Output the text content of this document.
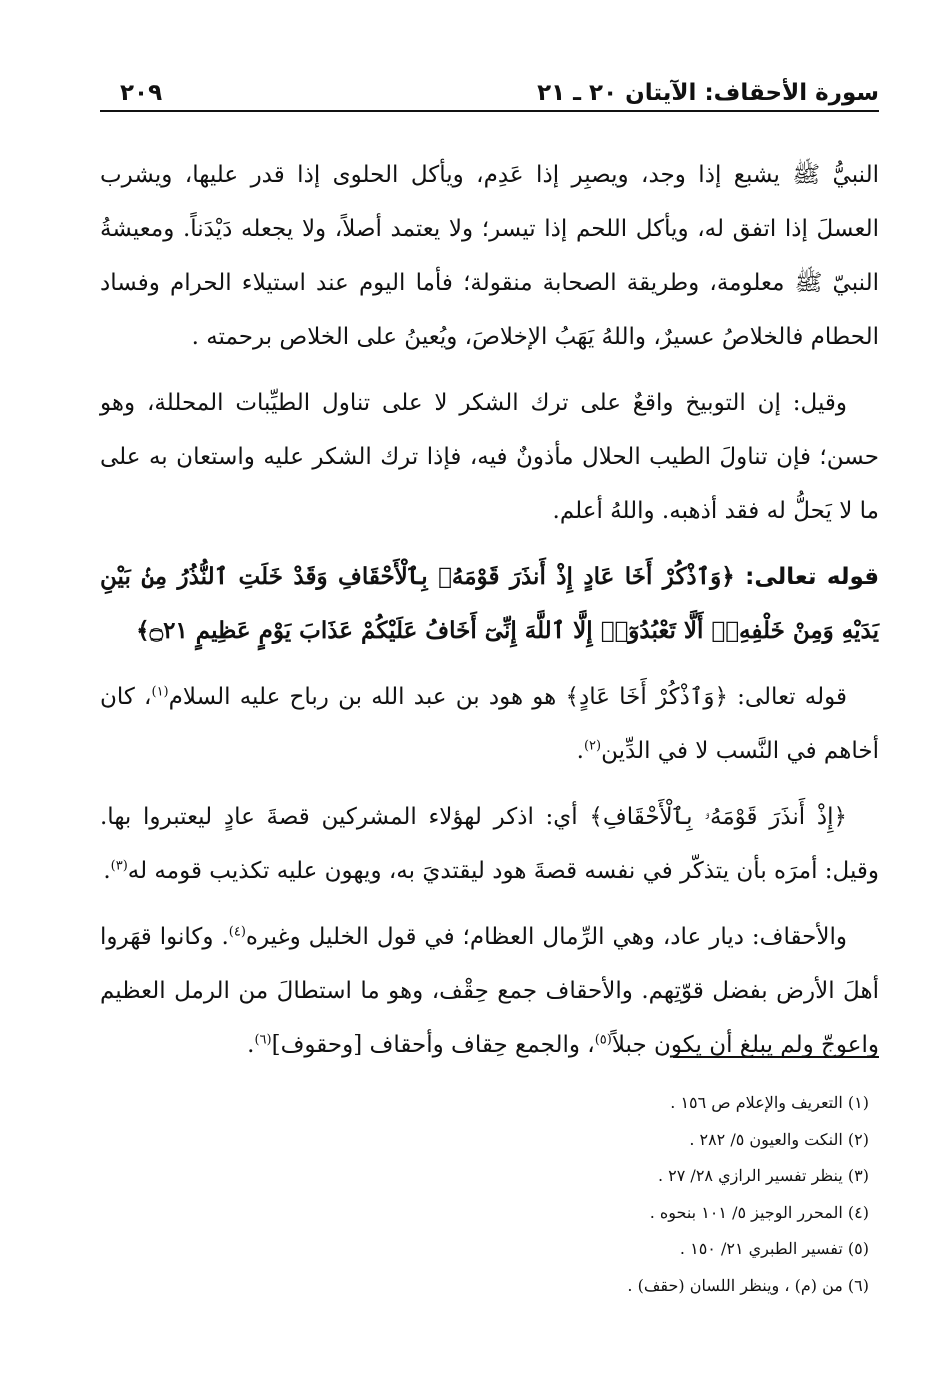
سورة الأحقاف: الآيتان ٢٠ ـ ٢١
٢٠٩

النبيُّ ﷺ يشبع إذا وجد، ويصبِر إذا عَدِم، ويأكل الحلوى إذا قدر عليها، ويشرب العسلَ إذا اتفق له، ويأكل اللحم إذا تيسر؛ ولا يعتمد أصلاً، ولا يجعله دَيْدَناً. ومعيشةُ النبيّ ﷺ معلومة، وطريقة الصحابة منقولة؛ فأما اليوم عند استيلاء الحرام وفساد الحطام فالخلاصُ عسيرٌ، واللهُ يَهَبُ الإخلاصَ، ويُعينُ على الخلاص برحمته .

وقيل: إن التوبيخ واقعٌ على ترك الشكر لا على تناول الطيِّبات المحللة، وهو حسن؛ فإن تناولَ الطيب الحلال مأذونٌ فيه، فإذا ترك الشكر عليه واستعان به على ما لا يَحلُّ له فقد أذهبه. واللهُ أعلم.

قوله تعالى: ﴿وَٱذْكُرْ أَخَا عَادٍ إِذْ أَنذَرَ قَوْمَهُۥ بِٱلْأَحْقَافِ وَقَدْ خَلَتِ ٱلنُّذُرُ مِنۢ بَيْنِ يَدَيْهِ وَمِنْ خَلْفِهِۦٓ أَلَّا تَعْبُدُوٓا۟ إِلَّا ٱللَّهَ إِنِّىٓ أَخَافُ عَلَيْكُمْ عَذَابَ يَوْمٍ عَظِيمٍ ۝٢١﴾

قوله تعالى: ﴿وَٱذْكُرْ أَخَا عَادٍ﴾ هو هود بن عبد الله بن رباح عليه السلام$^{(١)}$، كان أخاهم في النَّسب لا في الدِّين$^{(٢)}$.

﴿إِذْ أَنذَرَ قَوْمَهُۥ بِٱلْأَحْقَافِ﴾ أي: اذكر لهؤلاء المشركين قصةَ عادٍ ليعتبروا بها. وقيل: أمرَه بأن يتذكّر في نفسه قصةَ هود ليقتديَ به، ويهون عليه تكذيب قومه له$^{(٣)}$.

والأحقاف: ديار عاد، وهي الرِّمال العظام؛ في قول الخليل وغيره$^{(٤)}$. وكانوا قهَروا أهلَ الأرض بفضل قوّتِهم. والأحقاف جمع حِقْف، وهو ما استطالَ من الرمل العظيم واعوجّ ولم يبلغ أن يكون جبلاً$^{(٥)}$، والجمع حِقاف وأحقاف [وحقوف]$^{(٦)}$.

(١) التعريف والإعلام ص ١٥٦ .
(٢) النكت والعيون ٥/ ٢٨٢ .
(٣) ينظر تفسير الرازي ٢٨/ ٢٧ .
(٤) المحرر الوجيز ٥/ ١٠١ بنحوه .
(٥) تفسير الطبري ٢١/ ١٥٠ .
(٦) من (م) ، وينظر اللسان (حقف) .
